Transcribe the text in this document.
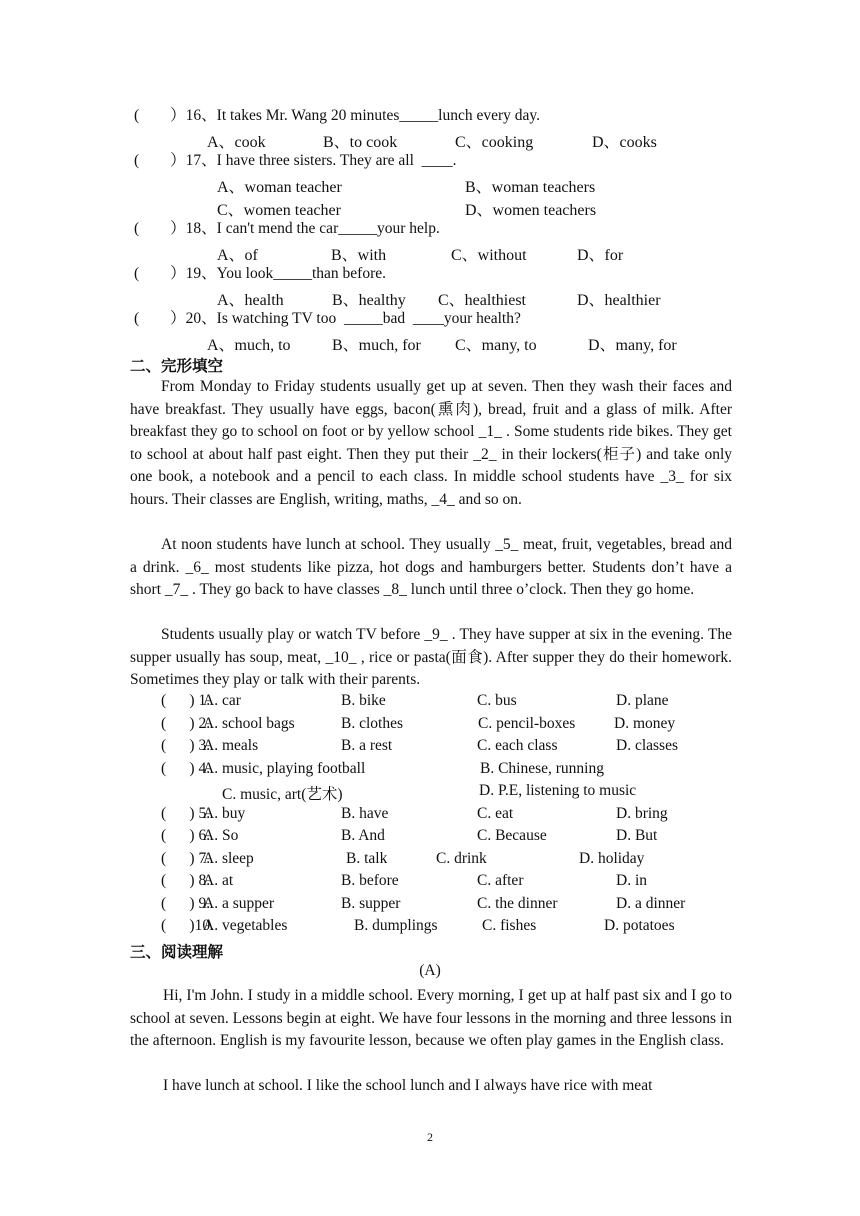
(　　）16、It takes Mr. Wang 20 minutes_____lunch every day.
A、cook	B、to cook	C、cooking	D、cooks
(　　）17、I have three sisters. They are all  ____.
A、woman teacher	B、woman teachers
C、women teacher	D、women teachers
(　　）18、I can't mend the car_____your help.
A、of	B、with	C、without	D、for
(　　）19、You look_____than before.
A、health	B、healthy C、healthiest	D、healthier
(　　）20、Is watching TV too  _____bad  ____your health?
A、much, to	B、much, for C、many, to	D、many, for
二、完形填空
From Monday to Friday students usually get up at seven. Then they wash their faces and have breakfast. They usually have eggs, bacon(熏肉), bread, fruit and a glass of milk. After breakfast they go to school on foot or by yellow school _1_ . Some students ride bikes. They get to school at about half past eight. Then they put their _2_ in their lockers(柜子) and take only one book, a notebook and a pencil to each class. In middle school students have _3_ for six hours. Their classes are English, writing, maths, _4_ and so on.
At noon students have lunch at school. They usually _5_ meat, fruit, vegetables, bread and a drink. _6_ most students like pizza, hot dogs and hamburgers better. Students don’t have a short _7_ . They go back to have classes _8_ lunch until three o’clock. Then they go home.
Students usually play or watch TV before _9_ . They have supper at six in the evening. The supper usually has soup, meat, _10_ , rice or pasta(面食). After supper they do their homework. Sometimes they play or talk with their parents.
(      ) 1.
A. car	B. bike	C. bus	D. plane
(      ) 2.
A. school bags	B. clothes	C. pencil-boxes D. money
(      ) 3.
A. meals	B. a rest	C. each class	D. classes
(      ) 4.
A. music, playing football	B. Chinese, running
C. music, art(艺术)	D. P.E, listening to music
(      ) 5.
A. buy	B. have	C. eat	D. bring
(      ) 6.
A. So	B. And	C. Because	D. But
(      ) 7.
A. sleep	B. talk	C. drink	D. holiday
(      ) 8.
A. at	B. before	C. after	D. in
(      ) 9.
A. a supper	B. supper	C. the dinner	D. a dinner
(      )10.
A. vegetables	B. dumplings	C. fishes	D. potatoes
三、阅读理解
(A)
Hi, I'm John. I study in a middle school. Every morning, I get up at half past six and I go to school at seven. Lessons begin at eight. We have four lessons in the morning and three lessons in the afternoon. English is my favourite lesson, because we often play games in the English class.
I have lunch at school. I like the school lunch and I always have rice with meat
2
